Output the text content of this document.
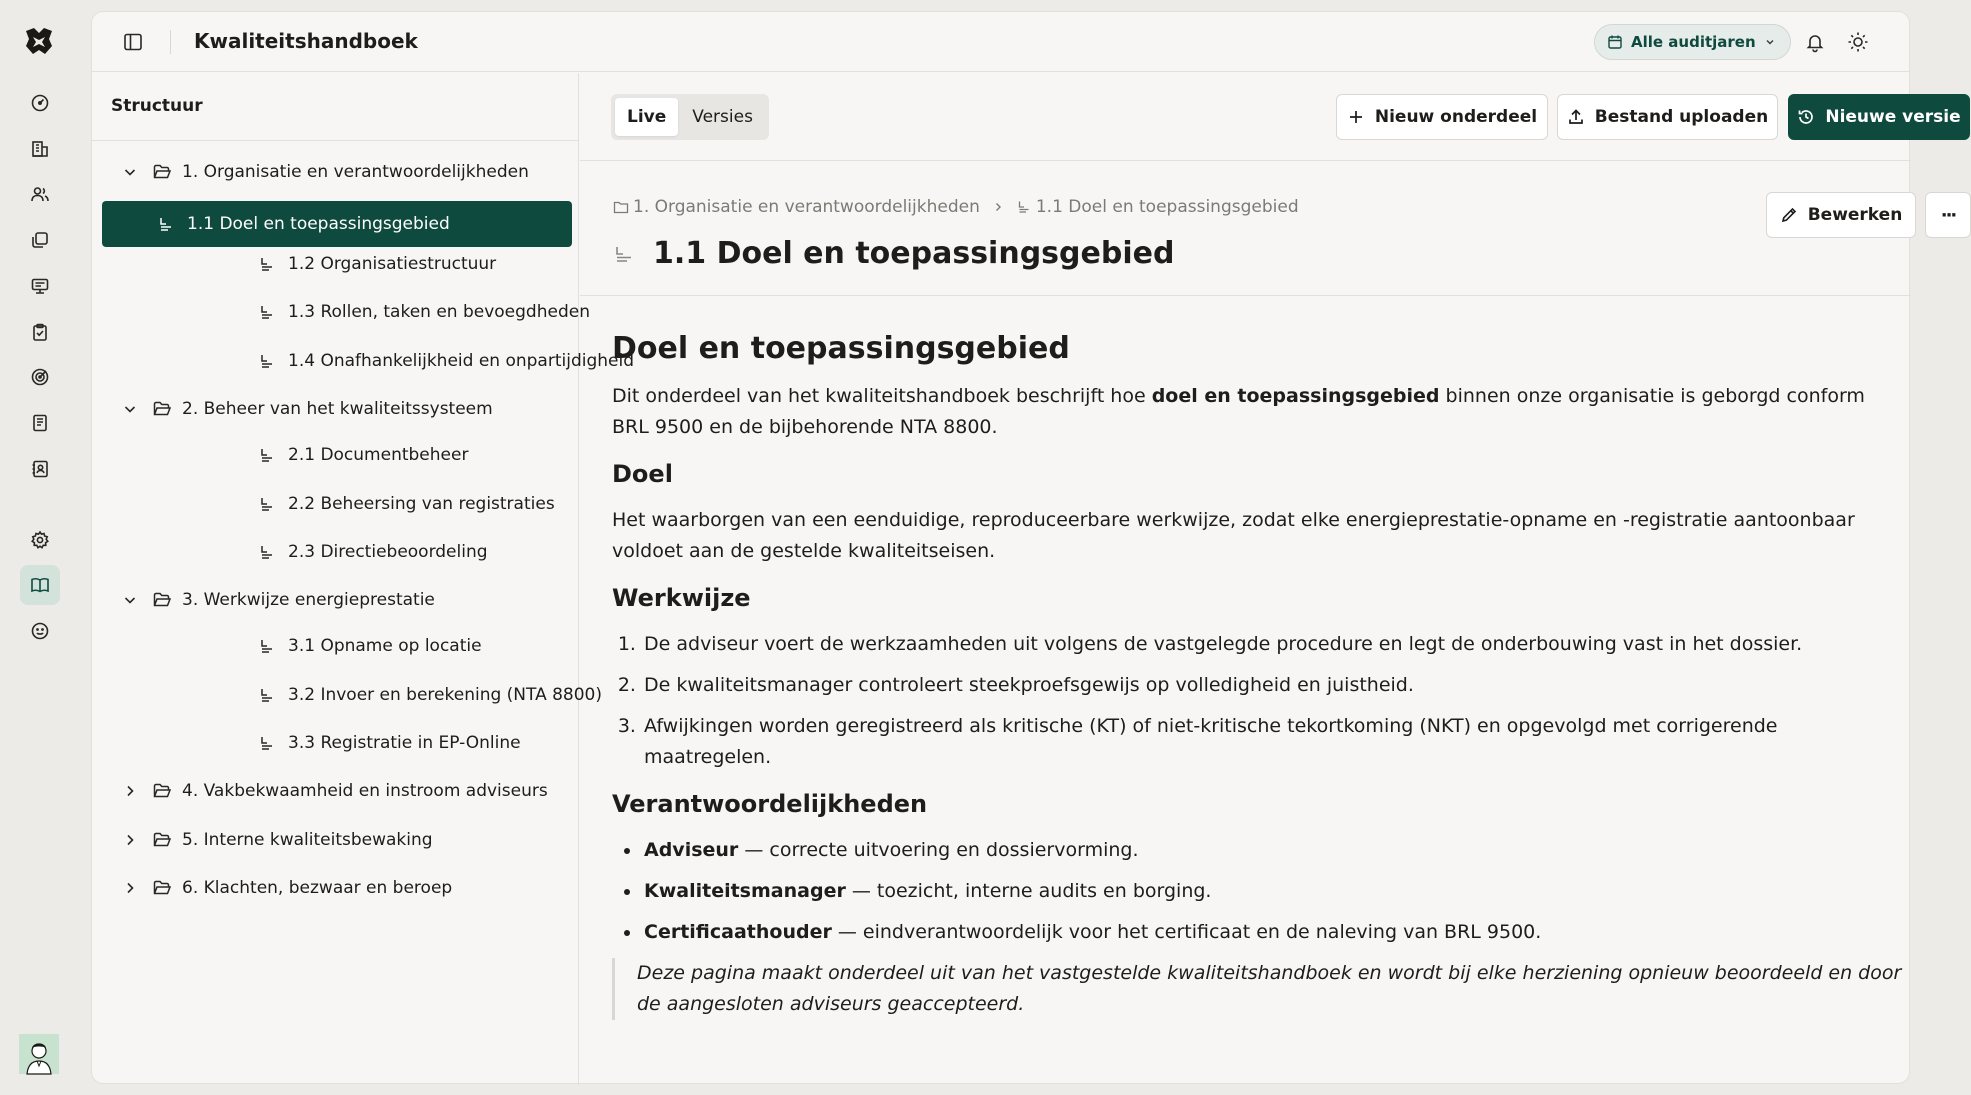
Kwaliteitshandboek	Alle auditjaren
Structuur
1. Organisatie en verantwoordelijkheden
1.1 Doel en toepassingsgebied
1.2 Organisatiestructuur
1.3 Rollen, taken en bevoegdheden
1.4 Onafhankelijkheid en onpartijdigheid
2. Beheer van het kwaliteitssysteem
2.1 Documentbeheer
2.2 Beheersing van registraties
2.3 Directiebeoordeling
3. Werkwijze energieprestatie
3.1 Opname op locatie
3.2 Invoer en berekening (NTA 8800)
3.3 Registratie in EP-Online
4. Vakbekwaamheid en instroom adviseurs
5. Interne kwaliteitsbewaking
6. Klachten, bezwaar en beroep
Live	Versies	Nieuw onderdeel	Bestand uploaden	Nieuwe versie
1. Organisatie en verantwoordelijkheden	1.1 Doel en toepassingsgebied
1.1 Doel en toepassingsgebied
Bewerken ···
Doel en toepassingsgebied

Dit onderdeel van het kwaliteitshandboek beschrijft hoe doel en toepassingsgebied binnen onze organisatie is geborgd conform BRL 9500 en de bijbehorende NTA 8800.

Doel

Het waarborgen van een eenduidige, reproduceerbare werkwijze, zodat elke energieprestatie-opname en -registratie aantoonbaar voldoet aan de gestelde kwaliteitseisen.

Werkwijze
1. De adviseur voert de werkzaamheden uit volgens de vastgelegde procedure en legt de onderbouwing vast in het dossier.
2. De kwaliteitsmanager controleert steekproefsgewijs op volledigheid en juistheid.
3. Afwijkingen worden geregistreerd als kritische (KT) of niet-kritische tekortkoming (NKT) en opgevolgd met corrigerende maatregelen.
Verantwoordelijkheden
• Adviseur — correcte uitvoering en dossiervorming.
• Kwaliteitsmanager — toezicht, interne audits en borging.
• Certificaathouder — eindverantwoordelijk voor het certificaat en de naleving van BRL 9500.
Deze pagina maakt onderdeel uit van het vastgestelde kwaliteitshandboek en wordt bij elke herziening opnieuw beoordeeld en door de aangesloten adviseurs geaccepteerd.
